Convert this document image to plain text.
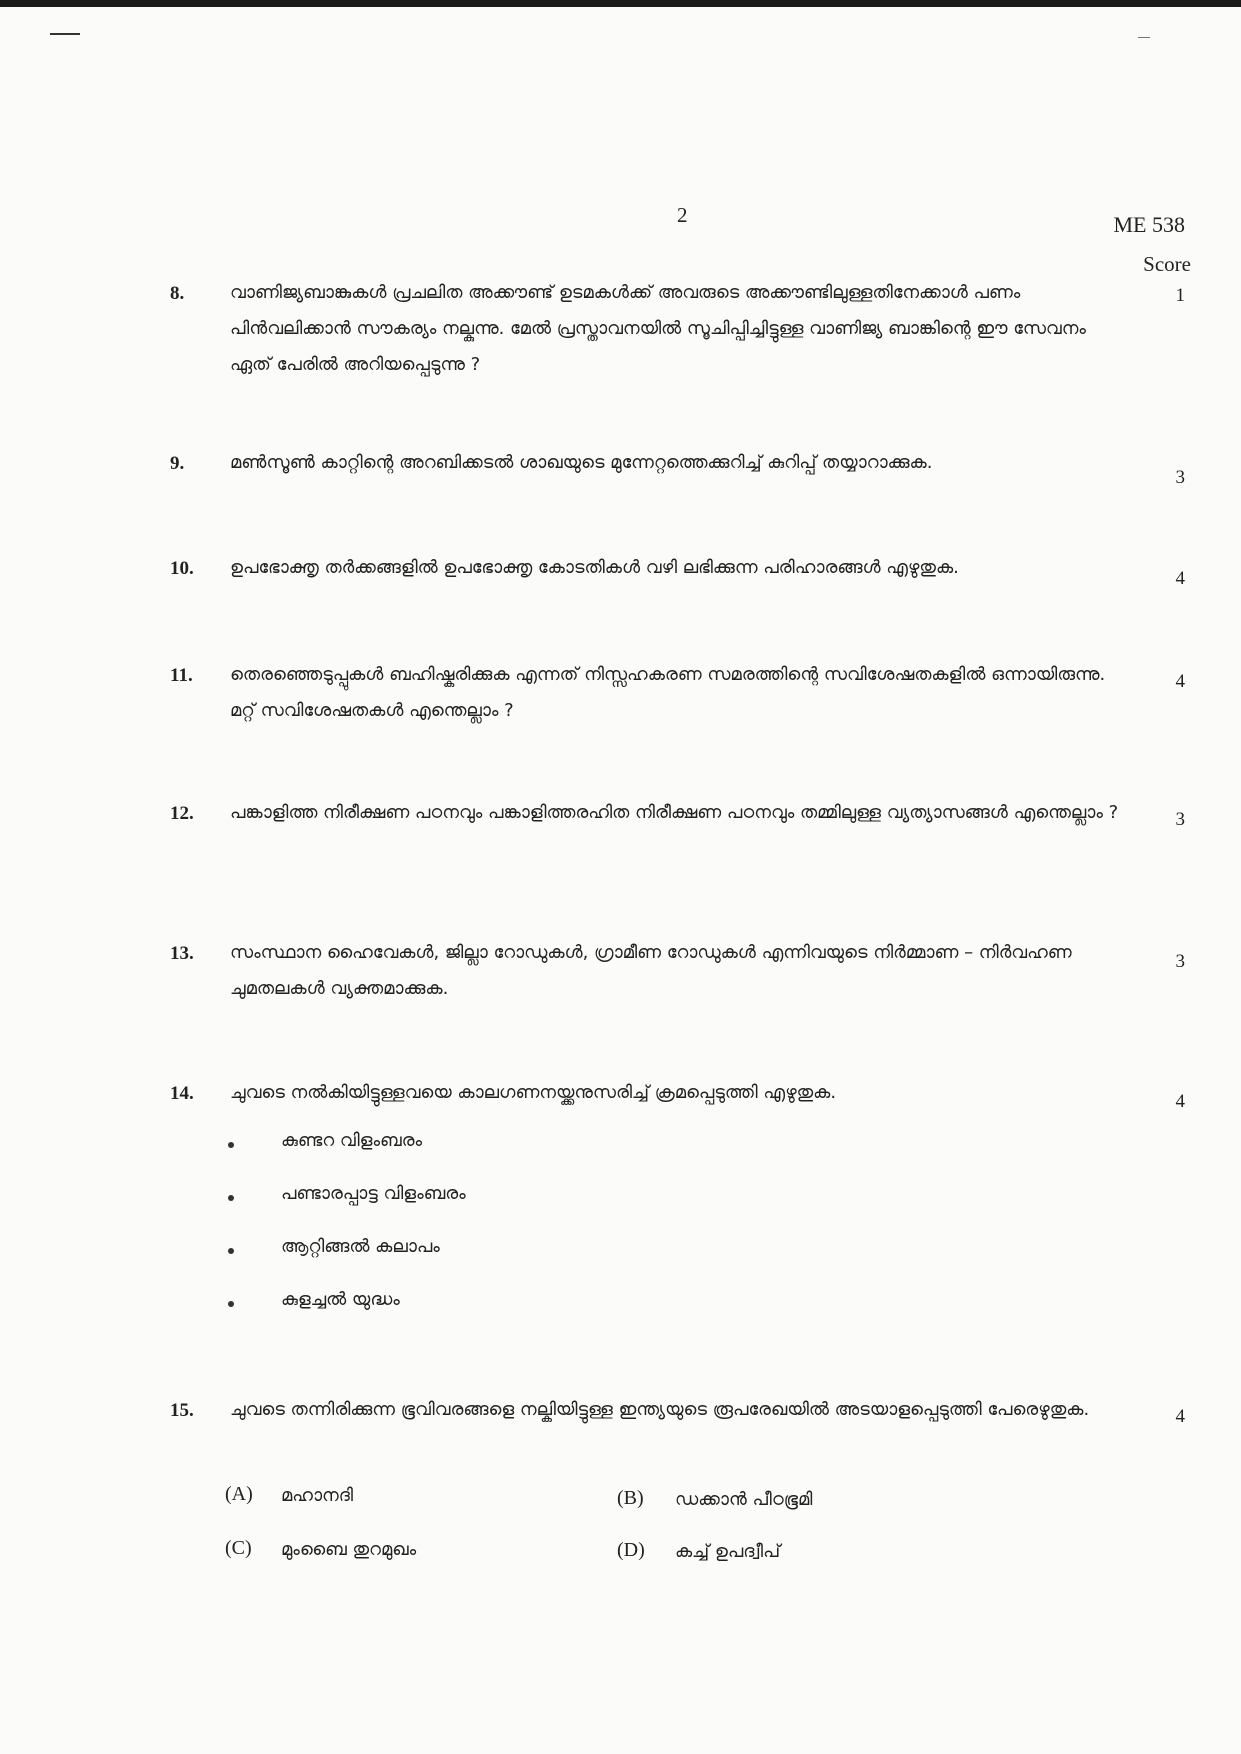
2	ME 538
Score
8.	വാണിജ്യബാങ്കുകൾ പ്രചലിത അക്കൗണ്ട് ഉടമകൾക്ക് അവരുടെ അക്കൗണ്ടിലുള്ളതിനേക്കാൾ പണം പിൻവലിക്കാൻ സൗകര്യം നല്കുന്നു. മേൽ പ്രസ്താവനയിൽ സൂചിപ്പിച്ചിട്ടുള്ള വാണിജ്യ ബാങ്കിന്റെ ഈ സേവനം ഏത് പേരിൽ അറിയപ്പെടുന്നു ?
1
9.	മൺസൂൺ കാറ്റിന്റെ അറബിക്കടൽ ശാഖയുടെ മുന്നേറ്റത്തെക്കുറിച്ച് കുറിപ്പ് തയ്യാറാക്കുക.
3
10. ഉപഭോക്തൃ തർക്കങ്ങളിൽ ഉപഭോക്തൃ കോടതികൾ വഴി ലഭിക്കുന്ന പരിഹാരങ്ങൾ എഴുതുക.
4
11. തെരഞ്ഞെടുപ്പുകൾ ബഹിഷ്കരിക്കുക എന്നത് നിസ്സഹകരണ സമരത്തിന്റെ സവിശേഷതകളിൽ ഒന്നായിരുന്നു. മറ്റ് സവിശേഷതകൾ എന്തെല്ലാം ?
4
12. പങ്കാളിത്ത നിരീക്ഷണ പഠനവും പങ്കാളിത്തരഹിത നിരീക്ഷണ പഠനവും തമ്മിലുള്ള വ്യത്യാസങ്ങൾ എന്തെല്ലാം ?	3
13. സംസ്ഥാന ഹൈവേകൾ, ജില്ലാ റോഡുകൾ, ഗ്രാമീണ റോഡുകൾ എന്നിവയുടെ നിർമ്മാണ – നിർവഹണ ചുമതലകൾ വ്യക്തമാക്കുക.
3
14. ചുവടെ നൽകിയിട്ടുള്ളവയെ കാലഗണനയ്ക്കനുസരിച്ച് ക്രമപ്പെടുത്തി എഴുതുക.	4
കുണ്ടറ വിളംബരം
പണ്ടാരപ്പാട്ട വിളംബരം
ആറ്റിങ്ങൽ കലാപം
കുളച്ചൽ യുദ്ധം
15. ചുവടെ തന്നിരിക്കുന്ന ഭൂവിവരങ്ങളെ നല്കിയിട്ടുള്ള ഇന്ത്യയുടെ രൂപരേഖയിൽ അടയാളപ്പെടുത്തി പേരെഴുതുക.	4
(A) മഹാനദി	(B) ഡക്കാൻ പീഠഭൂമി
(C) മുംബൈ തുറമുഖം	(D) കച്ച് ഉപദ്വീപ്
